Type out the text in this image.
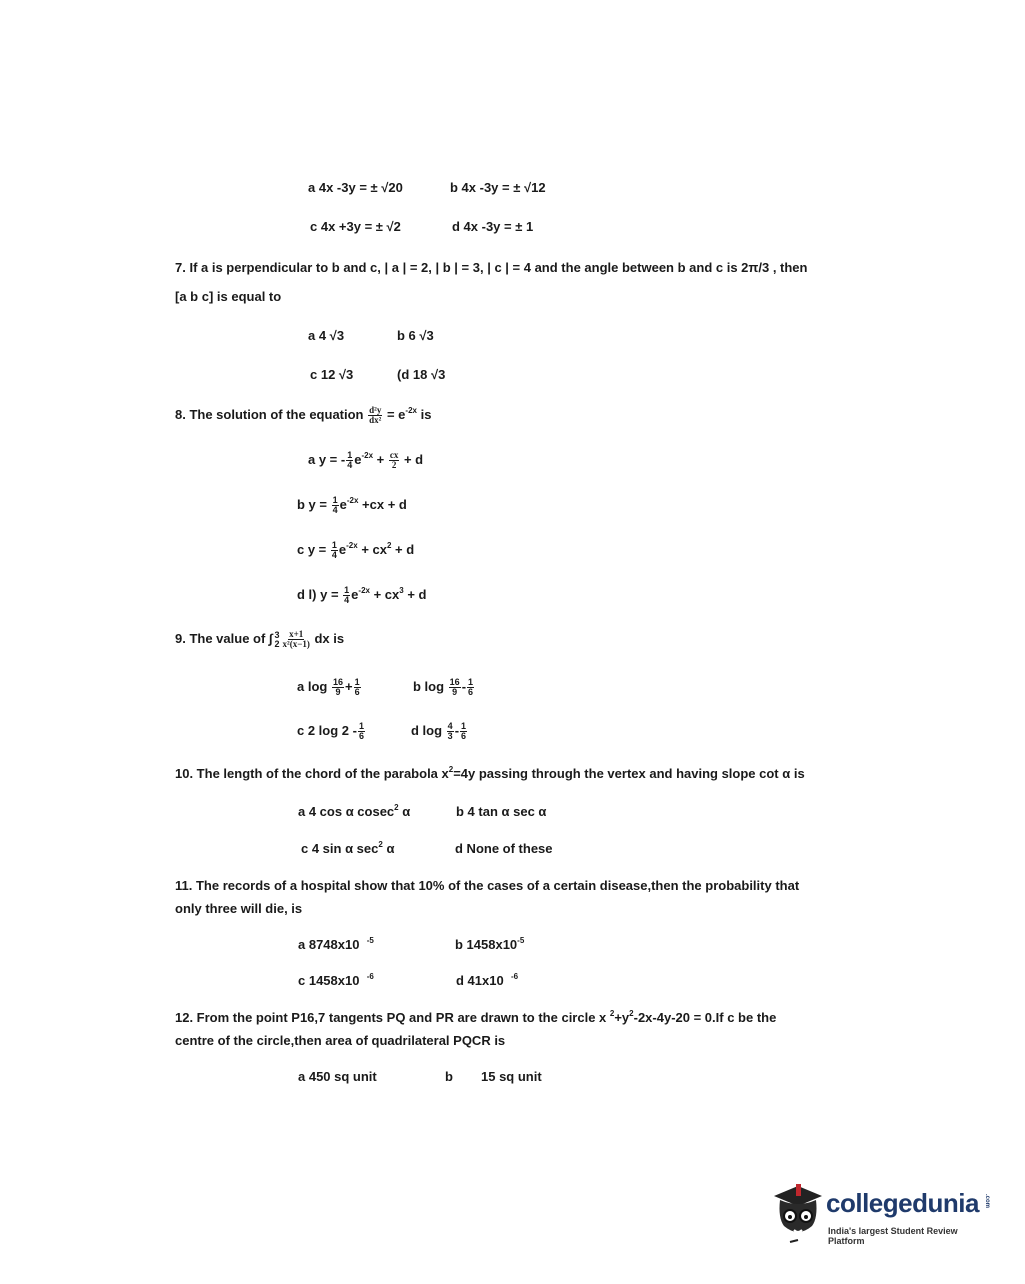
a 4x -3y = ± √20	b 4x -3y = ± √12
c 4x +3y = ± √2	d 4x -3y = ± 1
7. If a is perpendicular to b and c, | a | = 2, | b | = 3, | c | = 4 and the angle between b and c is 2π/3 , then
[a b c] is equal to
a 4 √3	b 6 √3
c 12 √3	(d 18 √3
8. The solution of the equation $\frac{\text{d²y}}{\text{dx²}} = e^{-2x}$ is
a y = - $\frac{1}{4} e^{-2x} + \frac{cx}{2} + d$
b $y = \frac{1}{4} e^{-2x} +cx + d$
c $y = \frac{1}{4} e^{-2x} + cx^2 + d$
d l) $y = \frac{1}{4} e^{-2x} + cx^3 + d$
9. The value of ∫ 3
$2 \frac{x+1}{\text{x²(x−1)}}$ dx is
a $\log \frac{16}{9} + \frac{1}{6}$	b $\log \frac{16}{9} - \frac{1}{6}$
c 2 $\log 2 - \frac{1}{6}$	d $\log \frac{4}{3} - \frac{1}{6}$
10. The length of the chord of the parabola $x^2=4y$ passing through the vertex and having slope cot α is
a 4 cos α cosec$^2$ α	b 4 tan α sec α
c 4 sin α $\sec^2 \alpha$	d None of these
11. The records of a hospital show that 10% of the cases of a certain disease,then the probability that
only three will die, is
a 8748x10 $^{-5}$	b $1458x10^{-5}$
c 1458x10 $^{-6}$	d 41x10 $^{-6}$
12. From the point P16,7 tangents PQ and PR are drawn to the circle x $^2+y^2-2x-4y-20 = 0.If$ c be the
centre of the circle,then area of quadrilateral PQCR is
a 450 sq unit	b 15 sq unit
collegedunia .com
India's largest Student Review Platform
